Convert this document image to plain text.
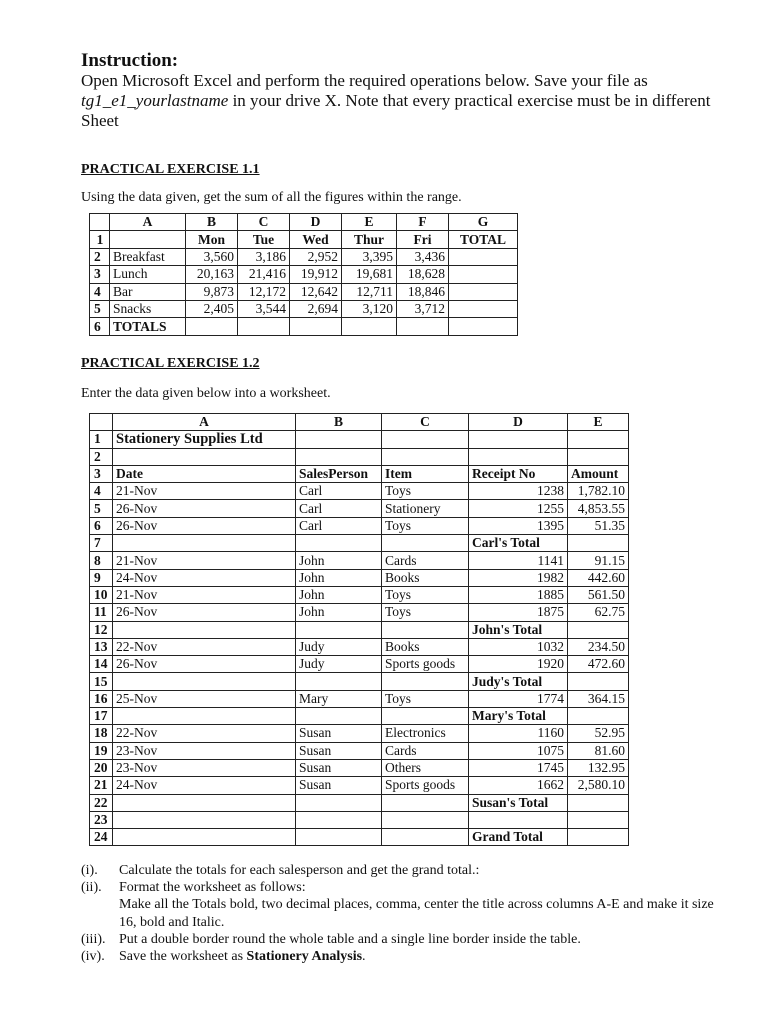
Instruction:
Open Microsoft Excel and perform the required operations below. Save your file as tg1_e1_yourlastname in your drive X. Note that every practical exercise must be in different Sheet
PRACTICAL EXERCISE 1.1
Using the data given, get the sum of all the figures within the range.
	A	B	C	D	E	F	G
1		Mon	Tue	Wed	Thur	Fri	TOTAL
2	Breakfast	3,560	3,186	2,952	3,395	3,436	
3	Lunch	20,163	21,416	19,912	19,681	18,628	
4	Bar	9,873	12,172	12,642	12,711	18,846	
5	Snacks	2,405	3,544	2,694	3,120	3,712	
6	TOTALS						
PRACTICAL EXERCISE 1.2
Enter the data given below into a worksheet.
	A	B	C	D	E
1	Stationery Supplies Ltd				
2					
3	Date	SalesPerson	Item	Receipt No	Amount
4	21-Nov	Carl	Toys	1238	1,782.10
5	26-Nov	Carl	Stationery	1255	4,853.55
6	26-Nov	Carl	Toys	1395	51.35
7				Carl's Total	
8	21-Nov	John	Cards	1141	91.15
9	24-Nov	John	Books	1982	442.60
10	21-Nov	John	Toys	1885	561.50
11	26-Nov	John	Toys	1875	62.75
12				John's Total	
13	22-Nov	Judy	Books	1032	234.50
14	26-Nov	Judy	Sports goods	1920	472.60
15				Judy's Total	
16	25-Nov	Mary	Toys	1774	364.15
17				Mary's Total	
18	22-Nov	Susan	Electronics	1160	52.95
19	23-Nov	Susan	Cards	1075	81.60
20	23-Nov	Susan	Others	1745	132.95
21	24-Nov	Susan	Sports goods	1662	2,580.10
22				Susan's Total	
23					
24				Grand Total	
(i).	Calculate the totals for each salesperson and get the grand total.:
(ii).	Format the worksheet as follows:
Make all the Totals bold, two decimal places, comma, center the title across columns A-E and make it size 16, bold and Italic.
(iii). Put a double border round the whole table and a single line border inside the table.
(iv).	Save the worksheet as Stationery Analysis.
